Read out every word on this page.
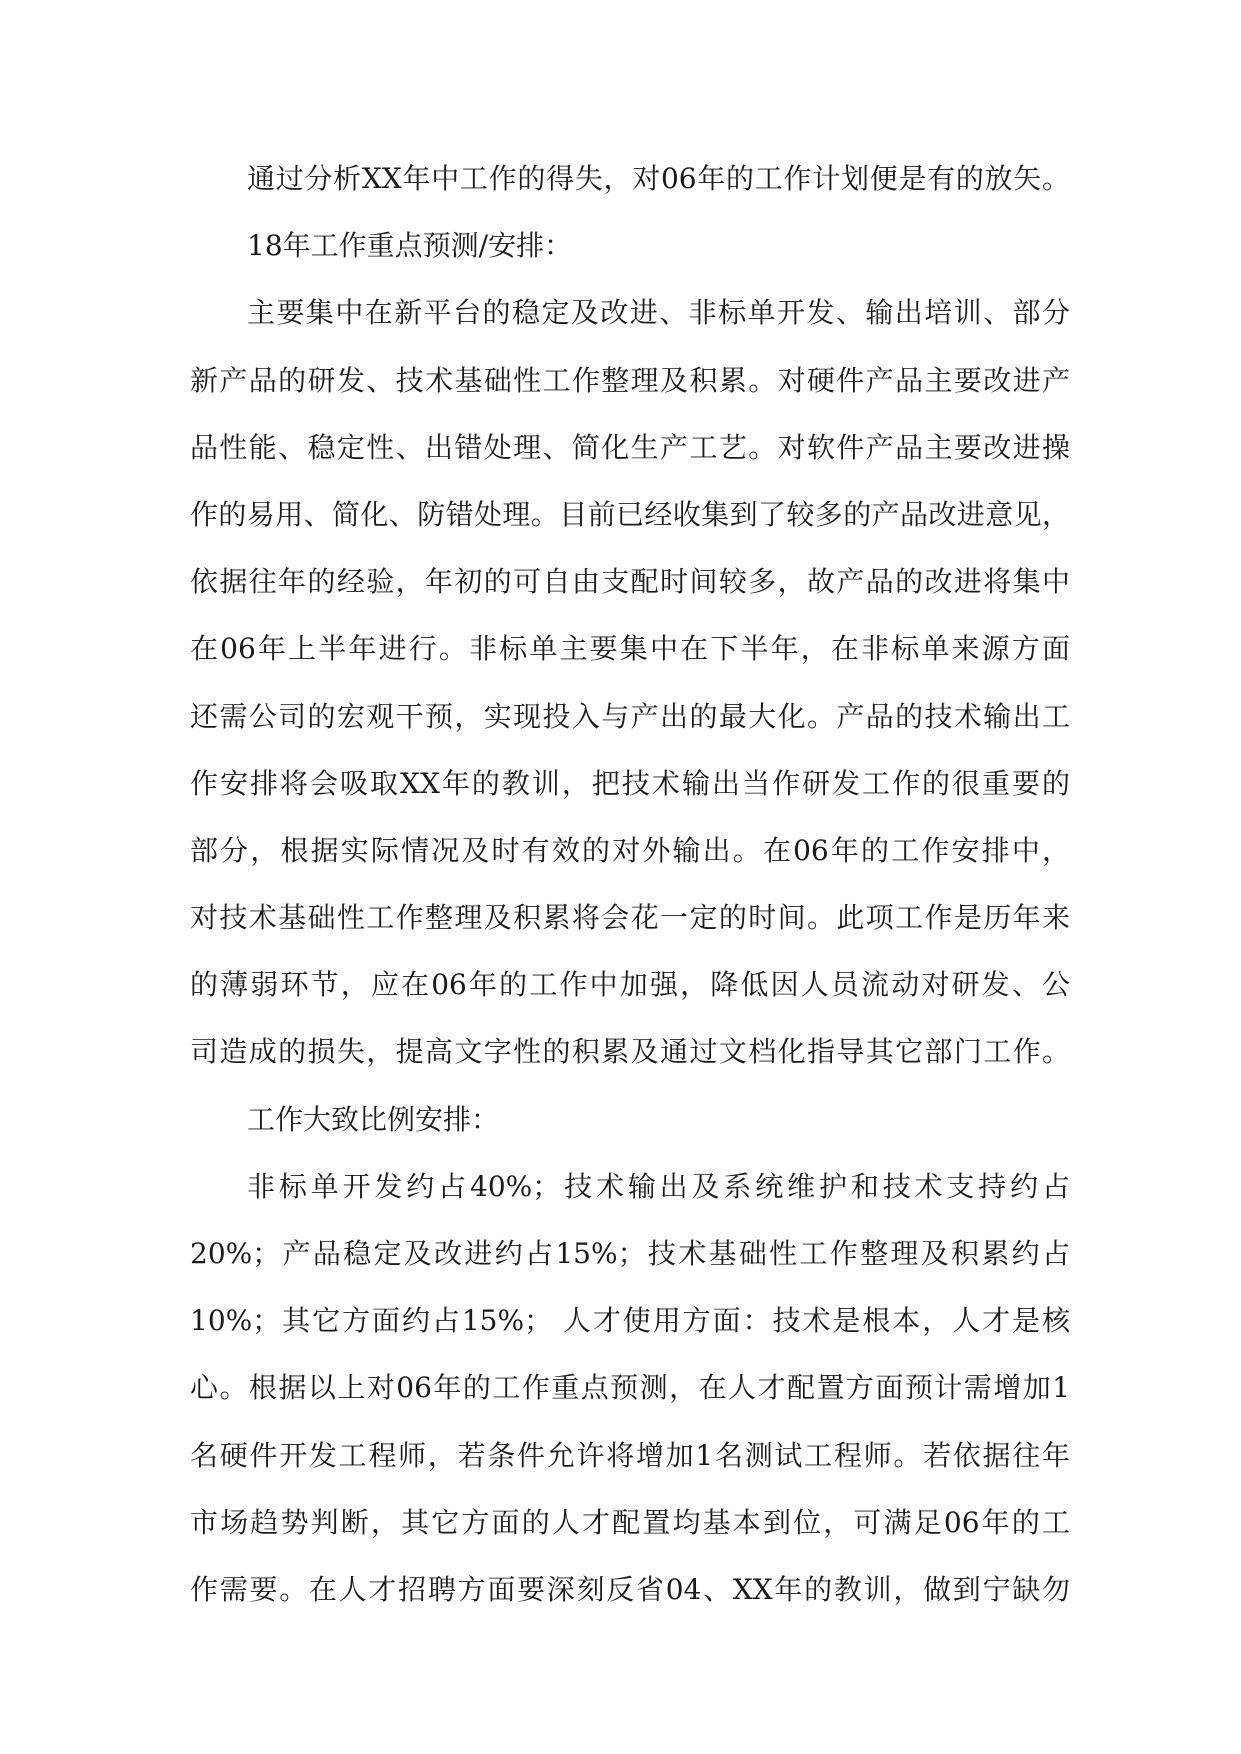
通过分析XX年中工作的得失，对06年的工作计划便是有的放矢。
18年工作重点预测/安排：
主要集中在新平台的稳定及改进、非标单开发、输出培训、部分
新产品的研发、技术基础性工作整理及积累。对硬件产品主要改进产
品性能、稳定性、出错处理、简化生产工艺。对软件产品主要改进操
作的易用、简化、防错处理。目前已经收集到了较多的产品改进意见，
依据往年的经验，年初的可自由支配时间较多，故产品的改进将集中
在06年上半年进行。非标单主要集中在下半年，在非标单来源方面
还需公司的宏观干预，实现投入与产出的最大化。产品的技术输出工
作安排将会吸取XX年的教训，把技术输出当作研发工作的很重要的
部分，根据实际情况及时有效的对外输出。在06年的工作安排中，
对技术基础性工作整理及积累将会花一定的时间。此项工作是历年来
的薄弱环节，应在06年的工作中加强，降低因人员流动对研发、公
司造成的损失，提高文字性的积累及通过文档化指导其它部门工作。
工作大致比例安排：
非标单开发约占40%；技术输出及系统维护和技术支持约占
20%；产品稳定及改进约占15%；技术基础性工作整理及积累约占
10%；其它方面约占15%； 人才使用方面：技术是根本，人才是核
心。根据以上对06年的工作重点预测，在人才配置方面预计需增加1
名硬件开发工程师，若条件允许将增加1名测试工程师。若依据往年
市场趋势判断，其它方面的人才配置均基本到位，可满足06年的工
作需要。在人才招聘方面要深刻反省04、XX年的教训，做到宁缺勿
